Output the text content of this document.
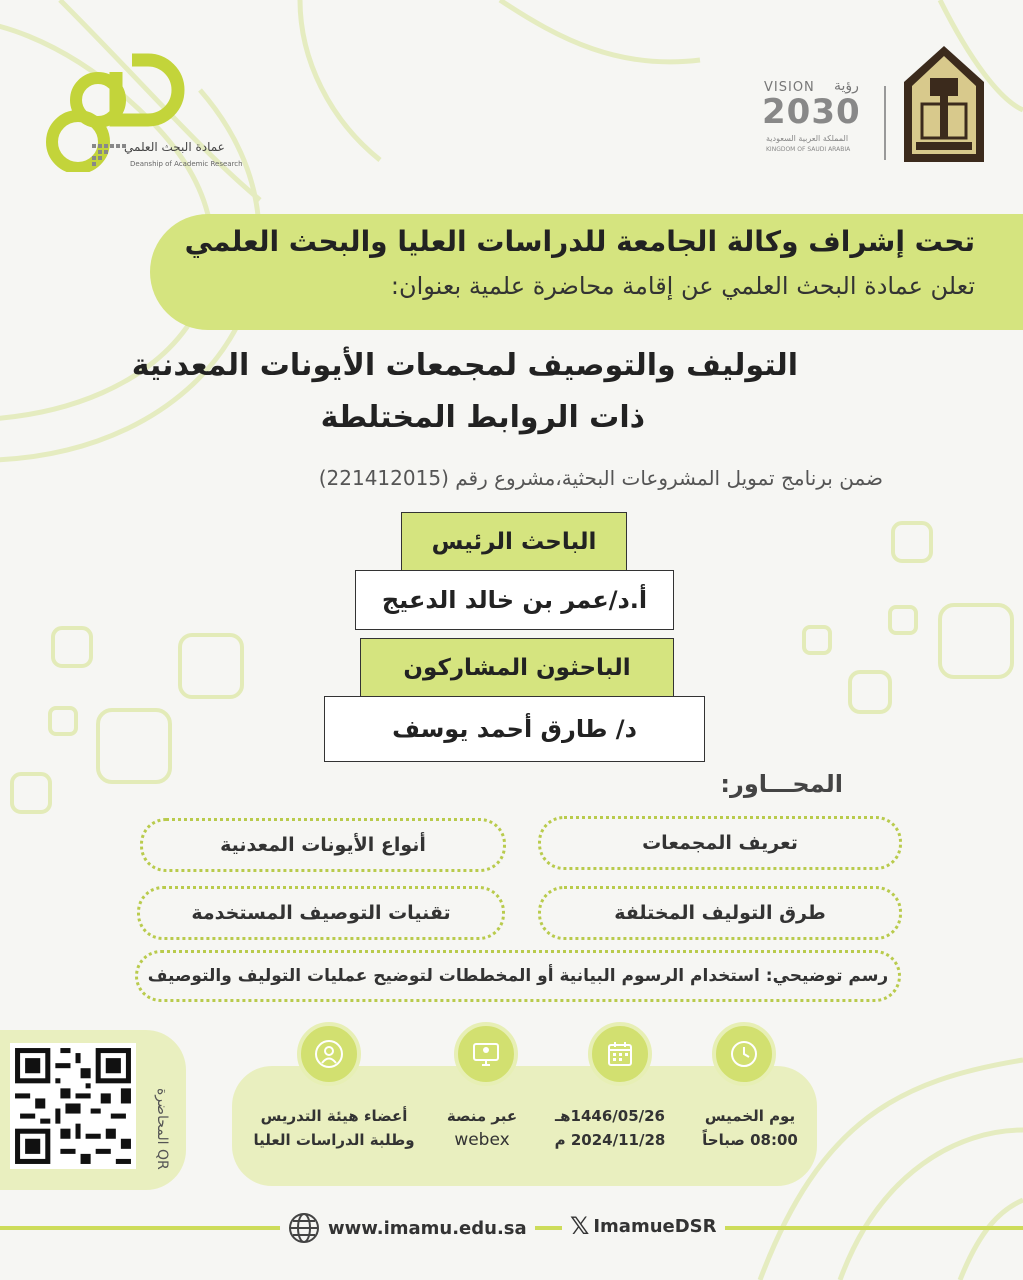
عمادة البحث العلمي
Deanship of Academic Research
VISION رؤية
2030
المملكة العربية السعودية
KINGDOM OF SAUDI ARABIA
تحت إشراف وكالة الجامعة للدراسات العليا والبحث العلمي
تعلن عمادة البحث العلمي عن إقامة محاضرة علمية بعنوان:
التوليف والتوصيف لمجمعات الأيونات المعدنية
ذات الروابط المختلطة
ضمن برنامج تمويل المشروعات البحثية،مشروع رقم (221412015)
الباحث الرئيس
أ.د/عمر بن خالد الدعيج
الباحثون المشاركون
د/ طارق أحمد يوسف
المحـــاور:
تعريف المجمعات
أنواع الأيونات المعدنية
طرق التوليف المختلفة
تقنيات التوصيف المستخدمة
رسم توضيحي: استخدام الرسوم البيانية أو المخططات لتوضيح عمليات التوليف والتوصيف
QR المحاضرة
أعضاء هيئة التدريس
وطلبة الدراسات العليا
عبر منصة
webex
1446/05/26هـ
2024/11/28 م
يوم الخميس
08:00 صباحاً
www.imamu.edu.sa 𝕏 ImamueDSR
